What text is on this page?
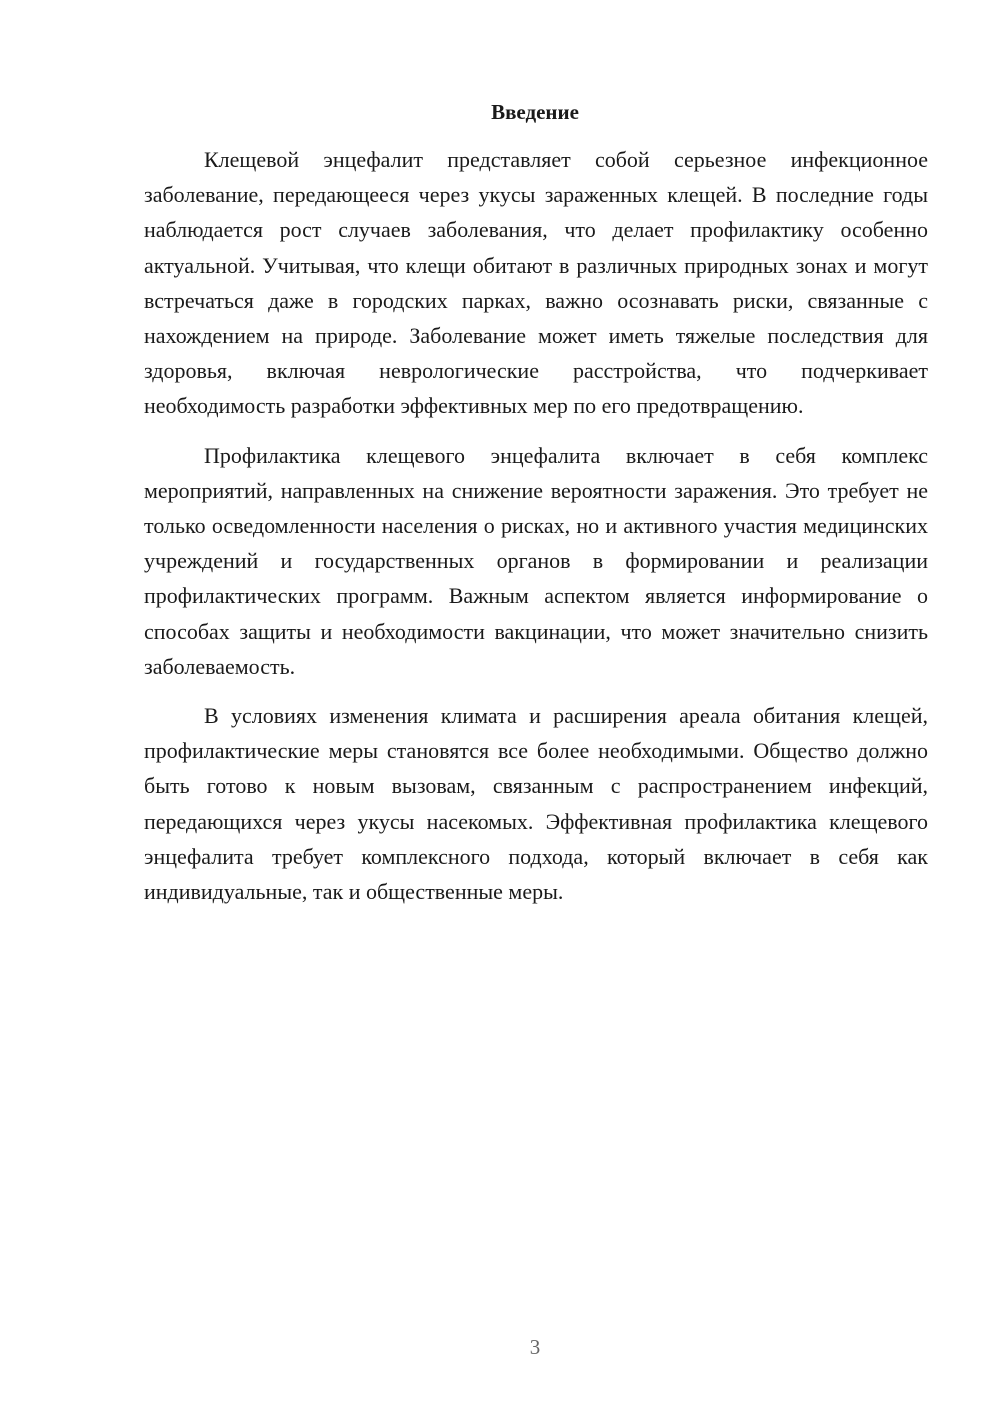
Введение

Клещевой энцефалит представляет собой серьезное инфекционное заболевание, передающееся через укусы зараженных клещей. В последние годы наблюдается рост случаев заболевания, что делает профилактику особенно актуальной. Учитывая, что клещи обитают в различных природных зонах и могут встречаться даже в городских парках, важно осознавать риски, связанные с нахождением на природе. Заболевание может иметь тяжелые последствия для здоровья, включая неврологические расстройства, что подчеркивает необходимость разработки эффективных мер по его предотвращению.

Профилактика клещевого энцефалита включает в себя комплекс мероприятий, направленных на снижение вероятности заражения. Это требует не только осведомленности населения о рисках, но и активного участия медицинских учреждений и государственных органов в формировании и реализации профилактических программ. Важным аспектом является информирование о способах защиты и необходимости вакцинации, что может значительно снизить заболеваемость.

В условиях изменения климата и расширения ареала обитания клещей, профилактические меры становятся все более необходимыми. Общество должно быть готово к новым вызовам, связанным с распространением инфекций, передающихся через укусы насекомых. Эффективная профилактика клещевого энцефалита требует комплексного подхода, который включает в себя как индивидуальные, так и общественные меры.

3
